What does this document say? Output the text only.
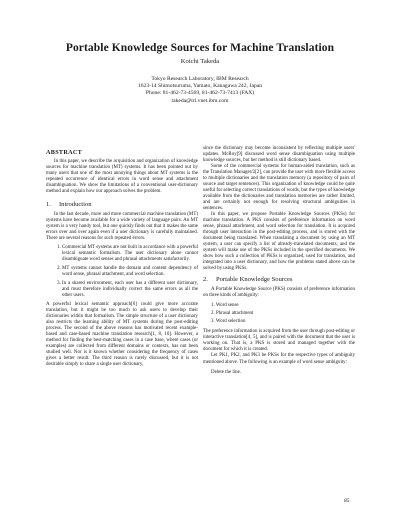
Portable Knowledge Sources for Machine Translation
Koichi Takeda
Tokyo Research Laboratory, IBM Research
1623-14 Shimotsuruma, Yamato, Kanagawa 242, Japan
Phone: 81-462-73-4569, 81-462-73-7413 (FAX)
takeda@trl.vnet.ibm.com
ABSTRACT

In this paper, we describe the acquisition and organization of knowledge sources for machine translation (MT) systems. It has been pointed out by many users that one of the most annoying things about MT systems is the repeated occurrence of identical errors in word sense and attachment disambiguation. We show the limitations of a conventional user-dictionary method and explain how our approach solves the problem.

1. Introduction

In the last decade, more and more commercial machine translation (MT) systems have become available for a wide variety of language pairs. An MT system is a very handy tool, but one quickly finds out that it makes the same errors over and over again even if a user dictionary is carefully maintained. There are several reasons for such repeated errors.

1. Commercial MT systems are not built in accordance with a powerful lexical semantic formalism. The user dictionary alone cannot disambiguate word senses and phrasal attachments satisfactorily.
2. MT systems cannot handle the domain and content dependency of word sense, phrasal attachment, and word selection.
3. In a shared environment, each user has a different user dictionary, and must therefore individually correct the same errors as all the other users.

A powerful lexical semantic approach[6] could give more accurate translation, but it might be too much to ask users to develop their dictionaries within that formalism. The simple structure of a user dictionary also restricts the learning ability of MT systems during the post-editing process. The second of the above reasons has motivated recent example-based and case-based machine translation research[1, 8, 10]. However, a method for finding the best-matching cases in a case base, where cases (or examples) are collected from different domains or contexts, has not been studied well. Nor is it known whether considering the frequency of cases gives a better result. The third reason is rarely discussed, but it is not desirable simply to share a single user dictionary,

since the dictionary may become inconsistent by reflecting multiple users' updates. McRoy[9] discussed word sense disambiguation using multiple knowledge sources, but her method is still dictionary based.

Some of the commercial systems for human-aided translation, such as the Translation Manager/2[2], can provide the user with more flexible access to multiple dictionaries and the translation memory (a repository of pairs of source and target sentences). This organization of knowledge could be quite useful for selecting correct translations of words, but the types of knowledge available from the dictionaries and translation memories are rather limited, and are certainly not enough for resolving structural ambiguities in sentences.

In this paper, we propose Portable Knowledge Sources (PKSs) for machine translation. A PKS consists of preference information on word sense, phrasal attachment, and word selection for translation. It is acquired through user interaction in the post-editing process, and is stored with the document being translated. When translating a document by using an MT system, a user can specify a list of already-translated documents, and the system will make use of the PKSs included in the specified documents. We show how such a collection of PKSs is organized, used for translation, and integrated into a user dictionary, and how the problems stated above can be solved by using PKSs.

2. Portable Knowledge Sources

A Portable Knowledge Source (PKS) consists of preference information on three kinds of ambiguity:

1. Word sense
2. Phrasal attachment
3. Word selection

The preference information is acquired from the user through post-editing or interactive translation[4, 5], and is paired with the document that the user is working on. That is, a PKS is stored and managed together with the document for which it is created.

Let PK1, PK2, and PK3 be PKSs for the respective types of ambiguity mentioned above. The following is an example of word sense ambiguity:

Delete the line.

85
